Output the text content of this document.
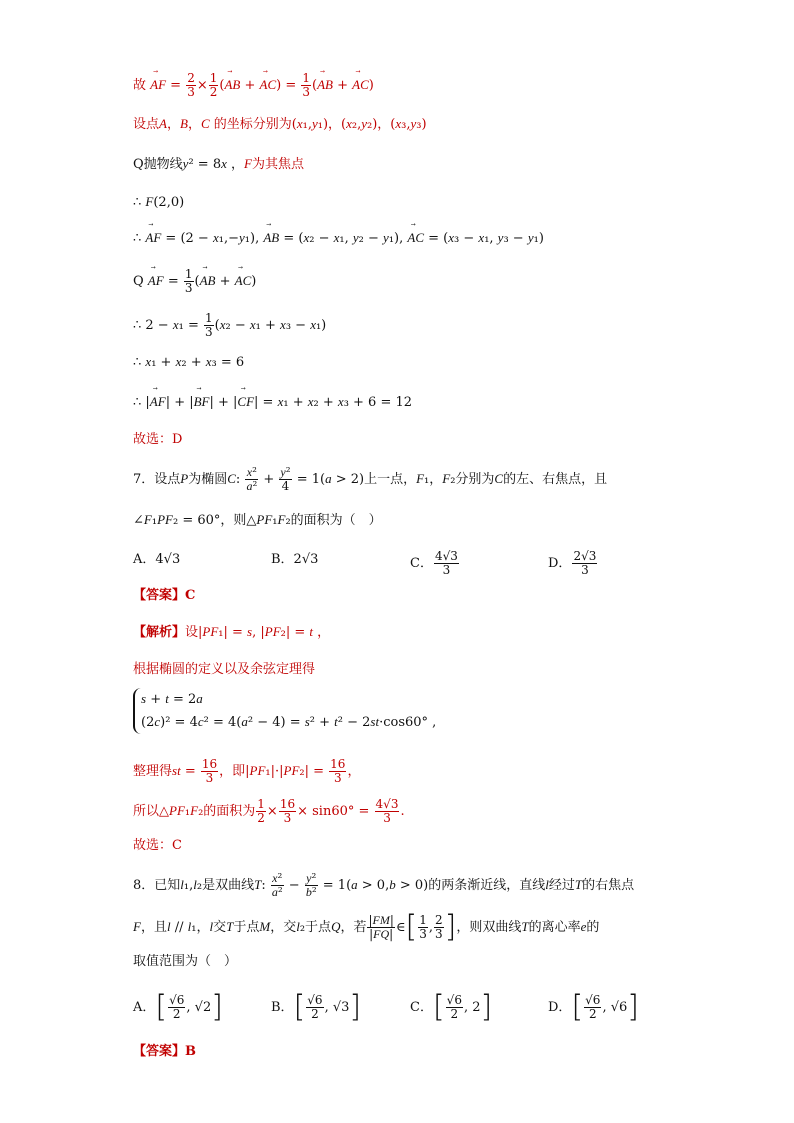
故 ⃗ AF = $\frac{2}{3} \times \frac{1}{2}$ (⃗ AB + ⃗ $AC) = \frac{1}{3}$ (⃗ AB + ⃗ AC)
设点A，B，C 的坐标分别为(x₁,y₁)，(x₂,y₂)，(x₃,y₃)
Q抛物线y² = 8x ，F为其焦点
∴ F(2,0)
∴ ⃗ AF = (2 − x₁,−y₁), ⃗ AB = (x₂ − x₁, y₂ − y₁), ⃗ AC = (x₃ − x₁, y₃ − y₁)
Q ⃗ AF = $\frac{1}{3}$ (⃗ AB + ⃗ AC)
∴ $2 - x_1 = \frac{1}{3} (x_2 - x_1 + x_3 - x_1)$
∴ x₁ + x₂ + x₃ = 6
∴ |⃗ AF| + |⃗ BF| + |⃗ CF| = x₁ + x₂ + x₃ + 6 = 12
故选：D
7．设点P为椭圆C: $\frac{\text{x²}}{\text{a²}} + \frac{\text{y²}}{4} = 1(a > 2)$上一点，F₁，F₂分别为C的左、右焦点，且
∠F₁PF₂ = 60°，则△PF₁F₂的面积为（　）
A．4√3	B．2√3	C． $\frac{4√3}{3}$	D． $\frac{2√3}{3}$
【答案】C
【解析】设|PF₁| = s, |PF₂| = t ，
根据椭圆的定义以及余弦定理得
s + t = 2a
(2c)² = 4c² = 4(a² − 4) = s² + t² − 2st·cos60° ,
整理得st = $\frac{16}{3}$ ，即$|PF_1|\cdot|PF_2| = \frac{16}{3}$ ，
所以△PF₁F₂的面积为 $\frac{1}{2} \times \frac{16}{3} \times \sin 60^\circ = \frac{4√3}{3}$ .
故选：C
8．已知l₁,l₂是双曲线T: $\frac{\text{x²}}{\text{a²}} - \frac{\text{y²}}{\text{b²}} = 1(a > 0,b > 0)$的两条渐近线，直线l经过T的右焦点
F，且l // l₁，l交T于点M，交l₂于点Q，若 $\frac{|FM|}{|FQ|}$ ∈[ $\frac{1}{3}$ , $\frac{2}{3}$ ]，则双曲线T的离心率e的
取值范围为（　）
A．[ $\frac{√6}{2}$ , √2]	B．[ $\frac{√6}{2}$ , √3]	C．[ $\frac{√6}{2}$ , 2]	D．[ $\frac{√6}{2}$ , √6]
【答案】B
